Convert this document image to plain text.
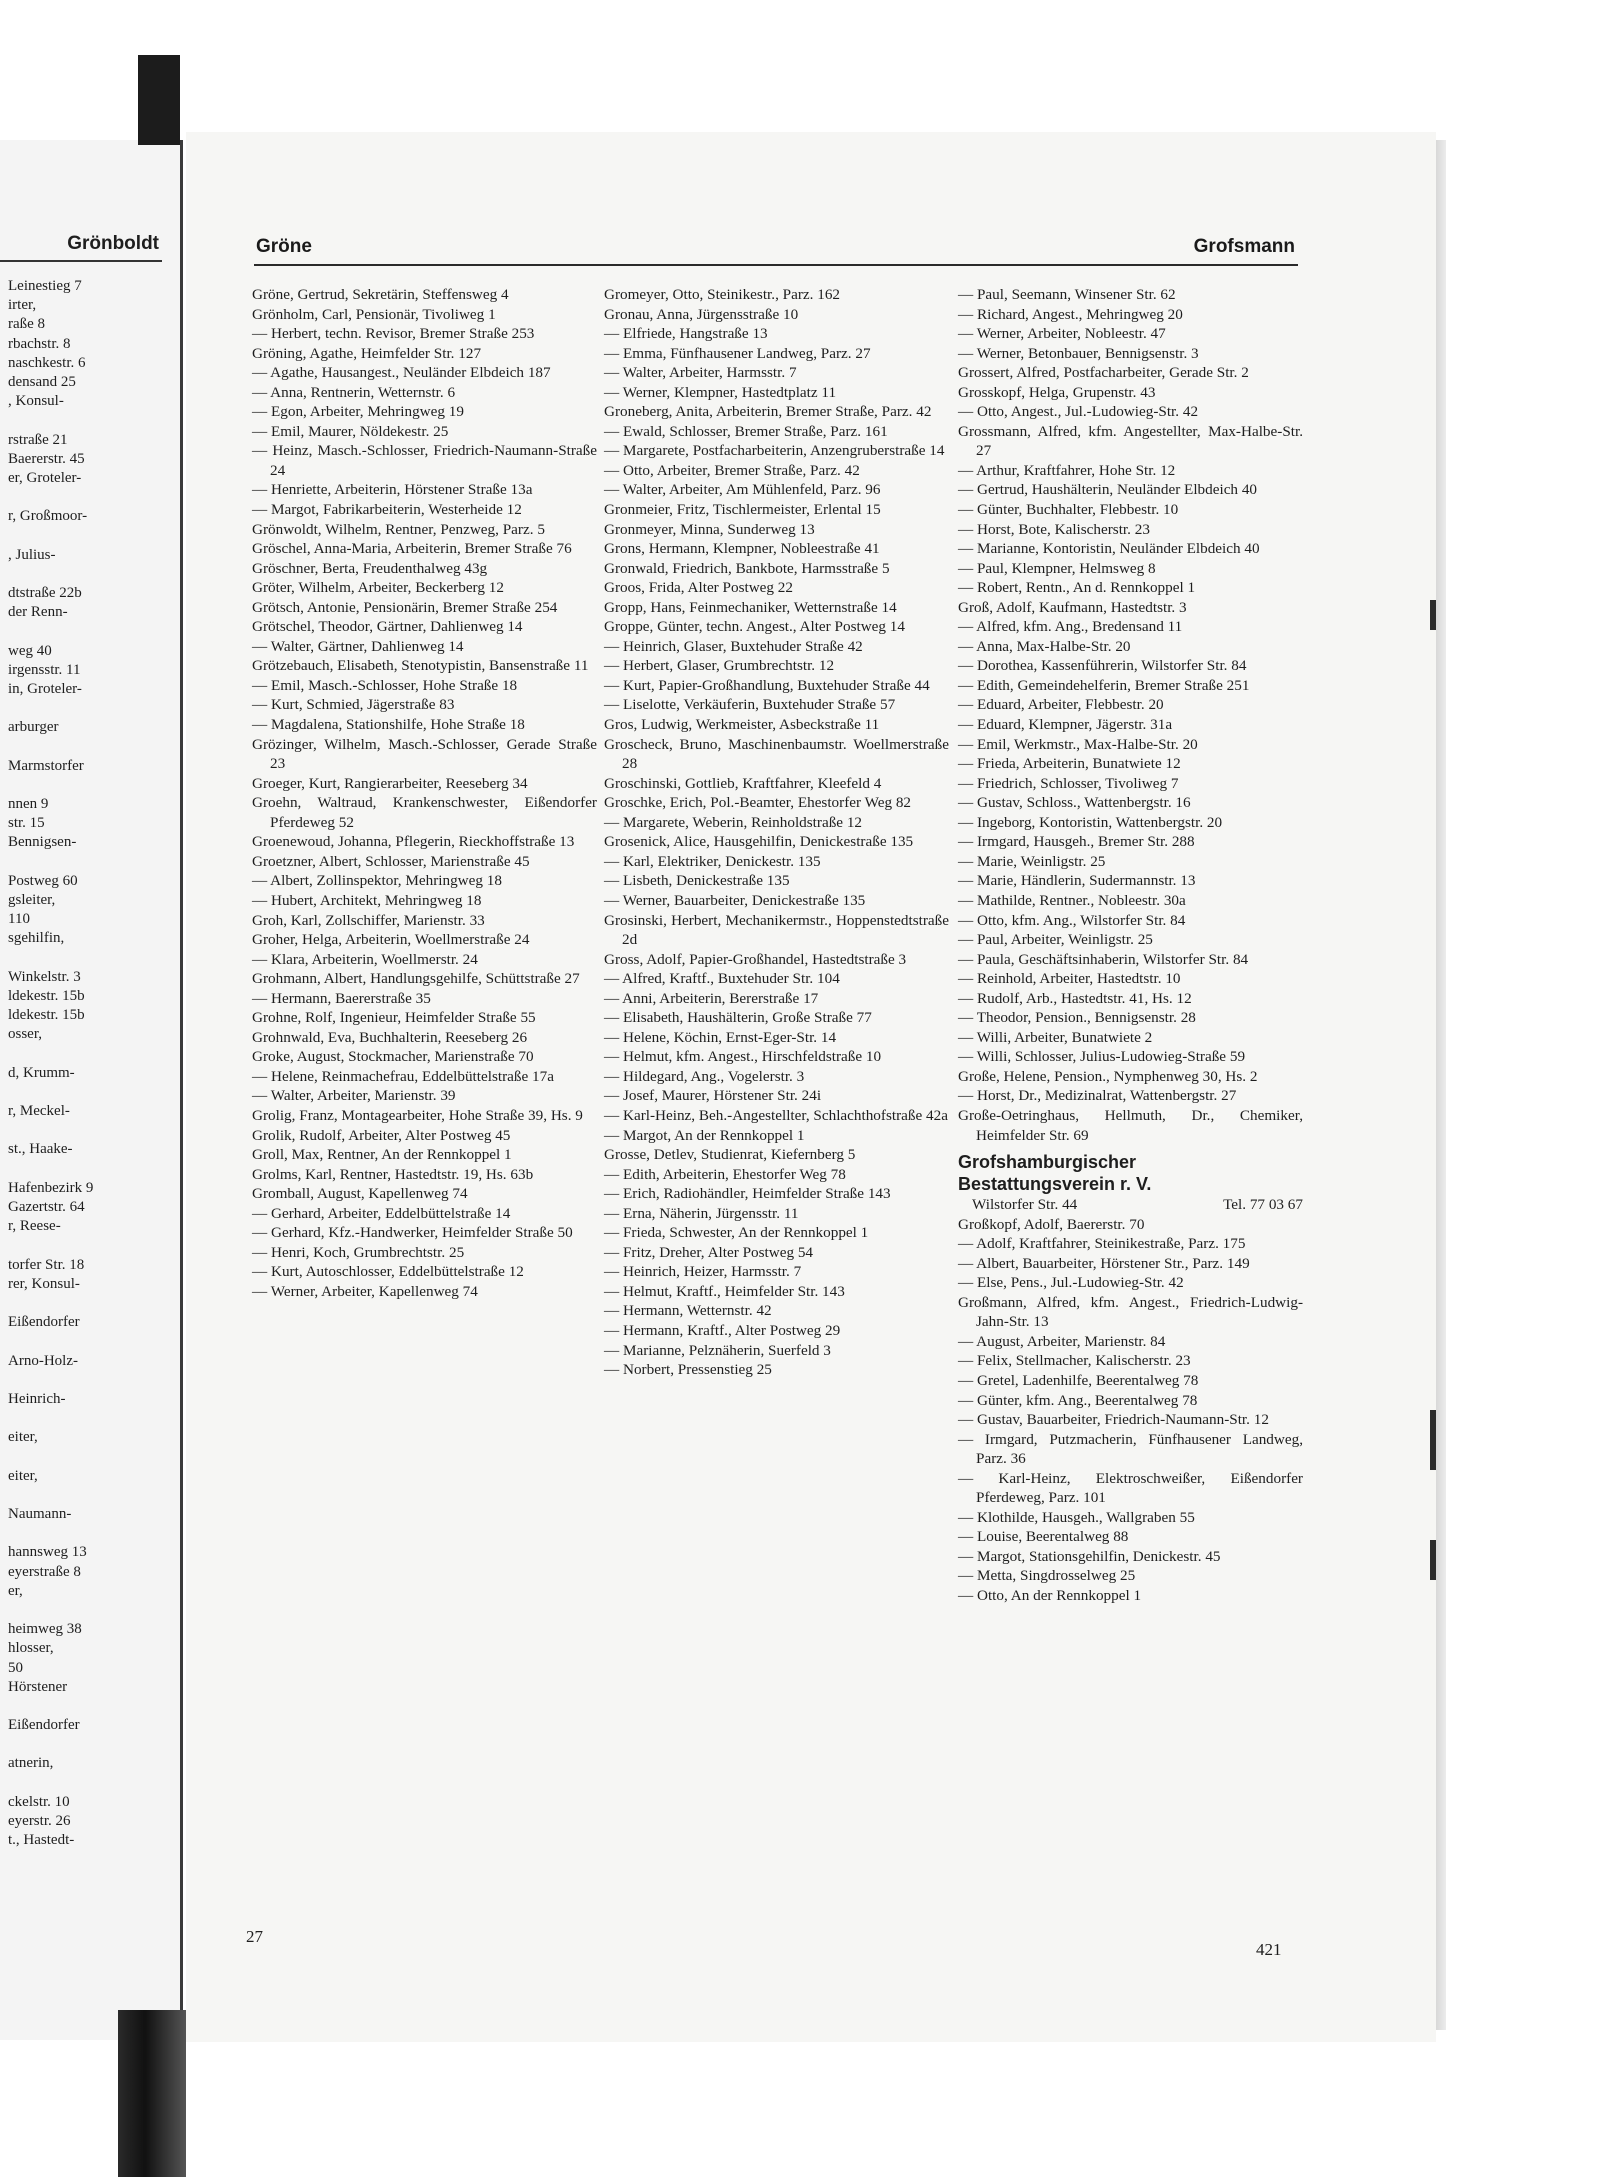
Grönboldt
Leinestieg 7
irter,
raße 8
rbachstr. 8
naschkestr. 6
densand 25
, Konsul-
rstraße 21
Baererstr. 45
er, Groteler-
r, Großmoor-
, Julius-
dtstraße 22b
der Renn-
weg 40
irgensstr. 11
in, Groteler-
arburger
Marmstorfer
nnen 9
str. 15
Bennigsen-
Postweg 60
gsleiter,
110
sgehilfin,
Winkelstr. 3
ldekestr. 15b
ldekestr. 15b
osser,
d, Krumm-
r, Meckel-
st., Haake-
Hafenbezirk 9
Gazertstr. 64
r, Reese-
torfer Str. 18
rer, Konsul-
Eißendorfer
Arno-Holz-
Heinrich-
eiter,
eiter,
Naumann-
hannsweg 13
eyerstraße 8
er,
heimweg 38
hlosser,
50
Hörstener
Eißendorfer
atnerin,
ckelstr. 10
eyerstr. 26
t., Hastedt-
Gröne	Grofsmann
Gröne, Gertrud, Sekretärin, Steffensweg 4
Grönholm, Carl, Pensionär, Tivoliweg 1
— Herbert, techn. Revisor, Bremer Straße 253
Gröning, Agathe, Heimfelder Str. 127
— Agathe, Hausangest., Neuländer Elbdeich 187
— Anna, Rentnerin, Wetternstr. 6
— Egon, Arbeiter, Mehringweg 19
— Emil, Maurer, Nöldekestr. 25
— Heinz, Masch.-Schlosser, Friedrich-Naumann-Straße 24
— Henriette, Arbeiterin, Hörstener Straße 13a
— Margot, Fabrikarbeiterin, Westerheide 12
Grönwoldt, Wilhelm, Rentner, Penzweg, Parz. 5
Gröschel, Anna-Maria, Arbeiterin, Bremer Straße 76
Gröschner, Berta, Freudenthalweg 43g
Gröter, Wilhelm, Arbeiter, Beckerberg 12
Grötsch, Antonie, Pensionärin, Bremer Straße 254
Grötschel, Theodor, Gärtner, Dahlienweg 14
— Walter, Gärtner, Dahlienweg 14
Grötzebauch, Elisabeth, Stenotypistin, Bansenstraße 11
— Emil, Masch.-Schlosser, Hohe Straße 18
— Kurt, Schmied, Jägerstraße 83
— Magdalena, Stationshilfe, Hohe Straße 18
Grözinger, Wilhelm, Masch.-Schlosser, Gerade Straße 23
Groeger, Kurt, Rangierarbeiter, Reeseberg 34
Groehn, Waltraud, Krankenschwester, Eißendorfer Pferdeweg 52
Groenewoud, Johanna, Pflegerin, Rieckhoffstraße 13
Groetzner, Albert, Schlosser, Marienstraße 45
— Albert, Zollinspektor, Mehringweg 18
— Hubert, Architekt, Mehringweg 18
Groh, Karl, Zollschiffer, Marienstr. 33
Groher, Helga, Arbeiterin, Woellmerstraße 24
— Klara, Arbeiterin, Woellmerstr. 24
Grohmann, Albert, Handlungsgehilfe, Schüttstraße 27
— Hermann, Baererstraße 35
Grohne, Rolf, Ingenieur, Heimfelder Straße 55
Grohnwald, Eva, Buchhalterin, Reeseberg 26
Groke, August, Stockmacher, Marienstraße 70
— Helene, Reinmachefrau, Eddelbüttelstraße 17a
— Walter, Arbeiter, Marienstr. 39
Grolig, Franz, Montagearbeiter, Hohe Straße 39, Hs. 9
Grolik, Rudolf, Arbeiter, Alter Postweg 45
Groll, Max, Rentner, An der Rennkoppel 1
Grolms, Karl, Rentner, Hastedtstr. 19, Hs. 63b
Gromball, August, Kapellenweg 74
— Gerhard, Arbeiter, Eddelbüttelstraße 14
— Gerhard, Kfz.-Handwerker, Heimfelder Straße 50
— Henri, Koch, Grumbrechtstr. 25
— Kurt, Autoschlosser, Eddelbüttelstraße 12
— Werner, Arbeiter, Kapellenweg 74
Gromeyer, Otto, Steinikestr., Parz. 162
Gronau, Anna, Jürgensstraße 10
— Elfriede, Hangstraße 13
— Emma, Fünfhausener Landweg, Parz. 27
— Walter, Arbeiter, Harmsstr. 7
— Werner, Klempner, Hastedtplatz 11
Groneberg, Anita, Arbeiterin, Bremer Straße, Parz. 42
— Ewald, Schlosser, Bremer Straße, Parz. 161
— Margarete, Postfacharbeiterin, Anzengruberstraße 14
— Otto, Arbeiter, Bremer Straße, Parz. 42
— Walter, Arbeiter, Am Mühlenfeld, Parz. 96
Gronmeier, Fritz, Tischlermeister, Erlental 15
Gronmeyer, Minna, Sunderweg 13
Grons, Hermann, Klempner, Nobleestraße 41
Gronwald, Friedrich, Bankbote, Harmsstraße 5
Groos, Frida, Alter Postweg 22
Gropp, Hans, Feinmechaniker, Wetternstraße 14
Groppe, Günter, techn. Angest., Alter Postweg 14
— Heinrich, Glaser, Buxtehuder Straße 42
— Herbert, Glaser, Grumbrechtstr. 12
— Kurt, Papier-Großhandlung, Buxtehuder Straße 44
— Liselotte, Verkäuferin, Buxtehuder Straße 57
Gros, Ludwig, Werkmeister, Asbeckstraße 11
Groscheck, Bruno, Maschinenbaumstr. Woellmerstraße 28
Groschinski, Gottlieb, Kraftfahrer, Kleefeld 4
Groschke, Erich, Pol.-Beamter, Ehestorfer Weg 82
— Margarete, Weberin, Reinholdstraße 12
Grosenick, Alice, Hausgehilfin, Denickestraße 135
— Karl, Elektriker, Denickestr. 135
— Lisbeth, Denickestraße 135
— Werner, Bauarbeiter, Denickestraße 135
Grosinski, Herbert, Mechanikermstr., Hoppenstedtstraße 2d
Gross, Adolf, Papier-Großhandel, Hastedtstraße 3
— Alfred, Kraftf., Buxtehuder Str. 104
— Anni, Arbeiterin, Bererstraße 17
— Elisabeth, Haushälterin, Große Straße 77
— Helene, Köchin, Ernst-Eger-Str. 14
— Helmut, kfm. Angest., Hirschfeldstraße 10
— Hildegard, Ang., Vogelerstr. 3
— Josef, Maurer, Hörstener Str. 24i
— Karl-Heinz, Beh.-Angestellter, Schlachthofstraße 42a
— Margot, An der Rennkoppel 1
Grosse, Detlev, Studienrat, Kiefernberg 5
— Edith, Arbeiterin, Ehestorfer Weg 78
— Erich, Radiohändler, Heimfelder Straße 143
— Erna, Näherin, Jürgensstr. 11
— Frieda, Schwester, An der Rennkoppel 1
— Fritz, Dreher, Alter Postweg 54
— Heinrich, Heizer, Harmsstr. 7
— Helmut, Kraftf., Heimfelder Str. 143
— Hermann, Wetternstr. 42
— Hermann, Kraftf., Alter Postweg 29
— Marianne, Pelznäherin, Suerfeld 3
— Norbert, Pressenstieg 25
— Paul, Seemann, Winsener Str. 62
— Richard, Angest., Mehringweg 20
— Werner, Arbeiter, Nobleestr. 47
— Werner, Betonbauer, Bennigsenstr. 3
Grossert, Alfred, Postfacharbeiter, Gerade Str. 2
Grosskopf, Helga, Grupenstr. 43
— Otto, Angest., Jul.-Ludowieg-Str. 42
Grossmann, Alfred, kfm. Angestellter, Max-Halbe-Str. 27
— Arthur, Kraftfahrer, Hohe Str. 12
— Gertrud, Haushälterin, Neuländer Elbdeich 40
— Günter, Buchhalter, Flebbestr. 10
— Horst, Bote, Kalischerstr. 23
— Marianne, Kontoristin, Neuländer Elbdeich 40
— Paul, Klempner, Helmsweg 8
— Robert, Rentn., An d. Rennkoppel 1
Groß, Adolf, Kaufmann, Hastedtstr. 3
— Alfred, kfm. Ang., Bredensand 11
— Anna, Max-Halbe-Str. 20
— Dorothea, Kassenführerin, Wilstorfer Str. 84
— Edith, Gemeindehelferin, Bremer Straße 251
— Eduard, Arbeiter, Flebbestr. 20
— Eduard, Klempner, Jägerstr. 31a
— Emil, Werkmstr., Max-Halbe-Str. 20
— Frieda, Arbeiterin, Bunatwiete 12
— Friedrich, Schlosser, Tivoliweg 7
— Gustav, Schloss., Wattenbergstr. 16
— Ingeborg, Kontoristin, Wattenbergstr. 20
— Irmgard, Hausgeh., Bremer Str. 288
— Marie, Weinligstr. 25
— Marie, Händlerin, Sudermannstr. 13
— Mathilde, Rentner., Nobleestr. 30a
— Otto, kfm. Ang., Wilstorfer Str. 84
— Paul, Arbeiter, Weinligstr. 25
— Paula, Geschäftsinhaberin, Wilstorfer Str. 84
— Reinhold, Arbeiter, Hastedtstr. 10
— Rudolf, Arb., Hastedtstr. 41, Hs. 12
— Theodor, Pension., Bennigsenstr. 28
— Willi, Arbeiter, Bunatwiete 2
— Willi, Schlosser, Julius-Ludowieg-Straße 59
Große, Helene, Pension., Nymphenweg 30, Hs. 2
— Horst, Dr., Medizinalrat, Wattenbergstr. 27
Große-Oetringhaus, Hellmuth, Dr., Chemiker, Heimfelder Str. 69
Grofshamburgischer
Bestattungsverein r. V.
Wilstorfer Str. 44	Tel. 77 03 67
Großkopf, Adolf, Baererstr. 70
— Adolf, Kraftfahrer, Steinikestraße, Parz. 175
— Albert, Bauarbeiter, Hörstener Str., Parz. 149
— Else, Pens., Jul.-Ludowieg-Str. 42
Großmann, Alfred, kfm. Angest., Friedrich-Ludwig-Jahn-Str. 13
— August, Arbeiter, Marienstr. 84
— Felix, Stellmacher, Kalischerstr. 23
— Gretel, Ladenhilfe, Beerentalweg 78
— Günter, kfm. Ang., Beerentalweg 78
— Gustav, Bauarbeiter, Friedrich-Naumann-Str. 12
— Irmgard, Putzmacherin, Fünfhausener Landweg, Parz. 36
— Karl-Heinz, Elektroschweißer, Eißendorfer Pferdeweg, Parz. 101
— Klothilde, Hausgeh., Wallgraben 55
— Louise, Beerentalweg 88
— Margot, Stationsgehilfin, Denickestr. 45
— Metta, Singdrosselweg 25
— Otto, An der Rennkoppel 1
27
421
